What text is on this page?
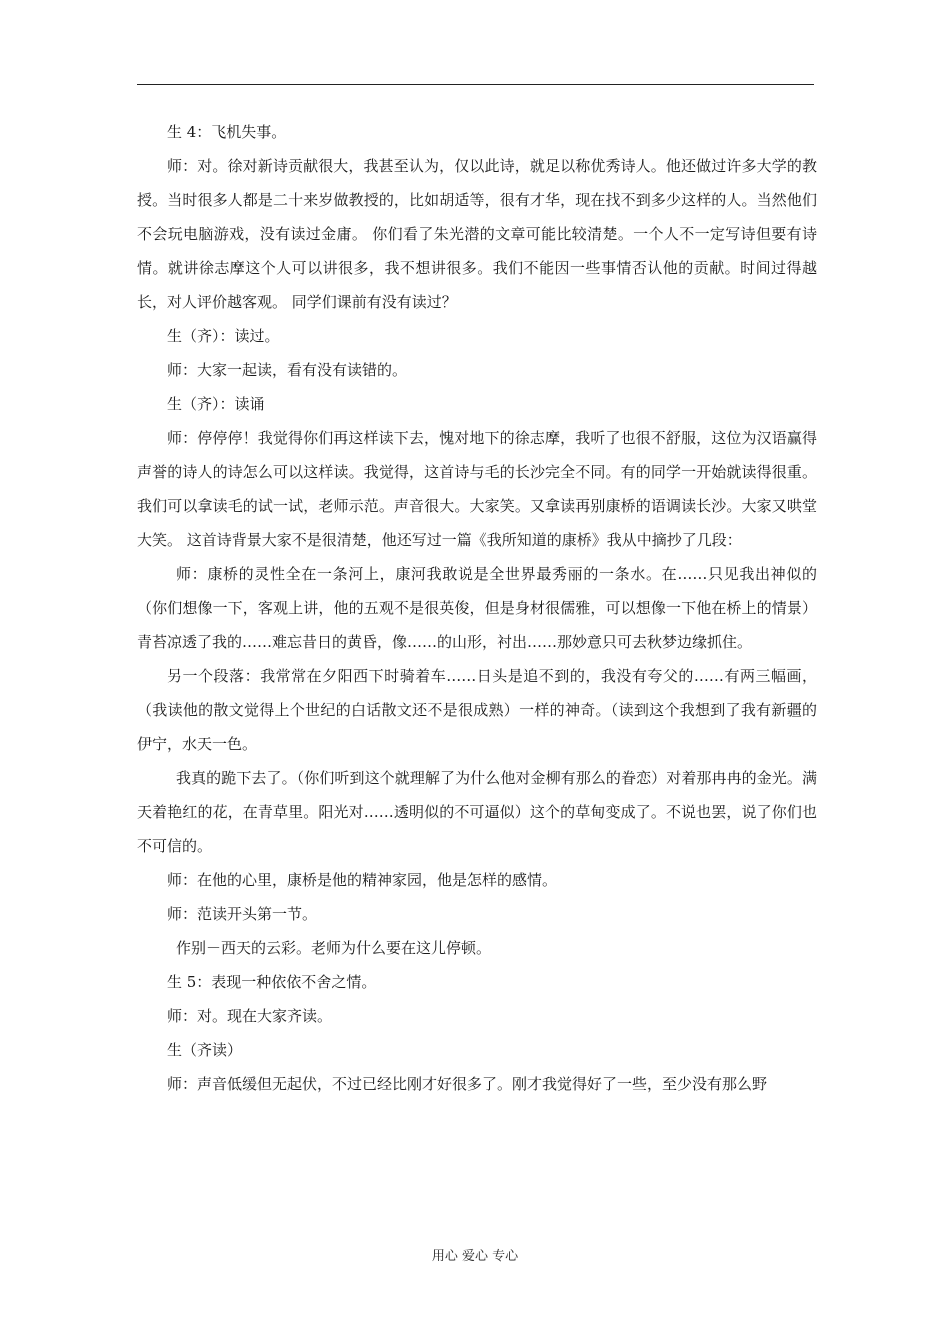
生 4：飞机失事。

师：对。徐对新诗贡献很大，我甚至认为，仅以此诗，就足以称优秀诗人。他还做过许多大学的教授。当时很多人都是二十来岁做教授的，比如胡适等，很有才华，现在找不到多少这样的人。当然他们不会玩电脑游戏，没有读过金庸。 你们看了朱光潜的文章可能比较清楚。一个人不一定写诗但要有诗情。就讲徐志摩这个人可以讲很多，我不想讲很多。我们不能因一些事情否认他的贡献。时间过得越长，对人评价越客观。 同学们课前有没有读过？

生（齐）：读过。

师：大家一起读，看有没有读错的。

生（齐）：读诵

师：停停停！我觉得你们再这样读下去，愧对地下的徐志摩，我听了也很不舒服，这位为汉语赢得声誉的诗人的诗怎么可以这样读。我觉得，这首诗与毛的长沙完全不同。有的同学一开始就读得很重。 我们可以拿读毛的试一试，老师示范。声音很大。大家笑。又拿读再别康桥的语调读长沙。大家又哄堂大笑。 这首诗背景大家不是很清楚，他还写过一篇《我所知道的康桥》我从中摘抄了几段：

师：康桥的灵性全在一条河上，康河我敢说是全世界最秀丽的一条水。在……只见我出神似的（你们想像一下，客观上讲，他的五观不是很英俊，但是身材很儒雅，可以想像一下他在桥上的情景）青苔凉透了我的……难忘昔日的黄昏，像……的山形，衬出……那妙意只可去秋梦边缘抓住。

另一个段落：我常常在夕阳西下时骑着车……日头是追不到的，我没有夸父的……有两三幅画，（我读他的散文觉得上个世纪的白话散文还不是很成熟）一样的神奇。（读到这个我想到了我有新疆的伊宁，水天一色。

我真的跪下去了。（你们听到这个就理解了为什么他对金柳有那么的眷恋）对着那冉冉的金光。满天着艳红的花，在青草里。阳光对……透明似的不可逼似）这个的草甸变成了。不说也罢，说了你们也不可信的。

师：在他的心里，康桥是他的精神家园，他是怎样的感情。

师：范读开头第一节。

作别－西天的云彩。老师为什么要在这儿停顿。

生 5：表现一种依依不舍之情。

师：对。现在大家齐读。

生（齐读）

师：声音低缓但无起伏，不过已经比刚才好很多了。刚才我觉得好了一些，至少没有那么野

用心 爱心 专心
